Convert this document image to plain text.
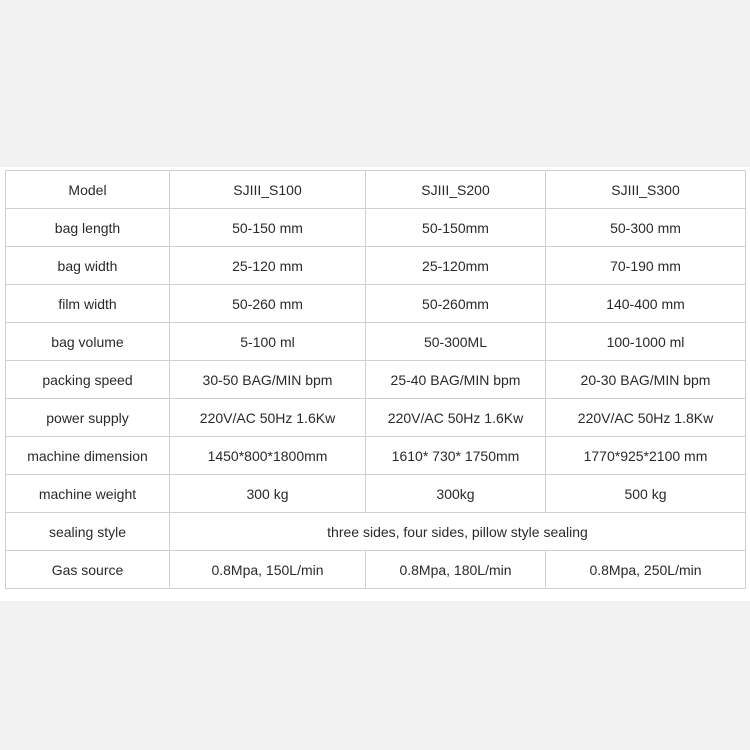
Model	SJIII_S100	SJIII_S200	SJIII_S300
bag length	50-150 mm	50-150mm	50-300 mm
bag width	25-120 mm	25-120mm	70-190 mm
film width	50-260 mm	50-260mm	140-400 mm
bag volume	5-100 ml	50-300ML	100-1000 ml
packing speed	30-50 BAG/MIN bpm	25-40 BAG/MIN bpm	20-30 BAG/MIN bpm
power supply	220V/AC 50Hz 1.6Kw	220V/AC 50Hz 1.6Kw	220V/AC 50Hz 1.8Kw
machine dimension	1450*800*1800mm	1610* 730* 1750mm	1770*925*2100 mm
machine weight	300 kg	300kg	500 kg
sealing style	three sides, four sides, pillow style sealing		
Gas source	0.8Mpa, 150L/min	0.8Mpa, 180L/min	0.8Mpa, 250L/min
